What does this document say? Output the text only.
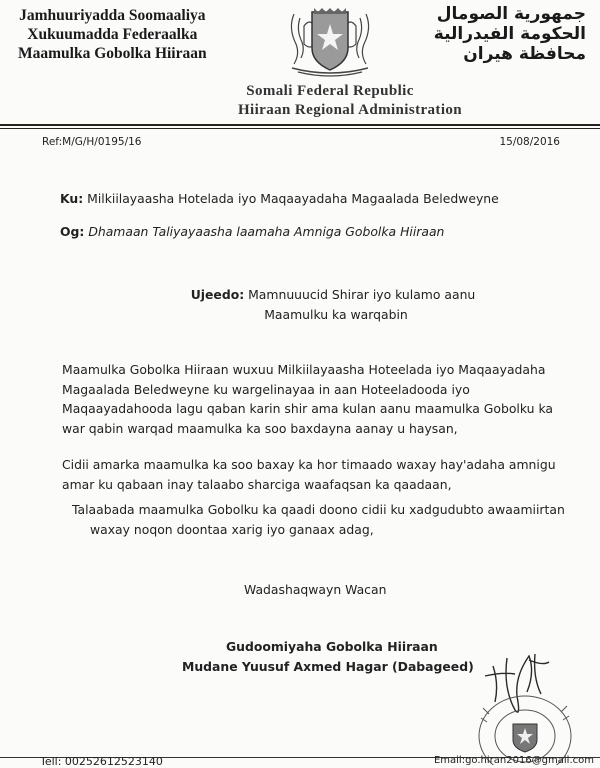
Jamhuuriyadda Soomaaliya
Xukuumadda Federaalka
Maamulka Gobolka Hiiraan
جمهورية الصومال
الحكومة الفيدرالية
محافظة هيران
Somali Federal Republic
Hiiraan Regional Administration
Ref:M/G/H/0195/16	15/08/2016
Ku: Milkiilayaasha Hotelada iyo Maqaayadaha Magaalada Beledweyne
Og: Dhamaan Taliyayaasha laamaha Amniga Gobolka Hiiraan
Ujeedo: Mamnuuucid Shirar iyo kulamo aanu
Maamulku ka warqabin
Maamulka Gobolka Hiiraan wuxuu Milkiilayaasha Hoteelada iyo Maqaayadaha
Magaalada Beledweyne ku wargelinayaa in aan Hoteeladooda iyo
Maqaayadahooda lagu qaban karin shir ama kulan aanu maamulka Gobolku ka
war qabin warqad maamulka ka soo baxdayna aanay u haysan,
Cidii amarka maamulka ka soo baxay ka hor timaado waxay hay'adaha amnigu
amar ku qabaan inay talaabo sharciga waafaqsan ka qaadaan,
Talaabada maamulka Gobolku ka qaadi doono cidii ku xadgudubto awaamiirtan
waxay noqon doontaa xarig iyo ganaax adag,
Wadashaqwayn Wacan
Gudoomiyaha Gobolka Hiiraan
Mudane Yuusuf Axmed Hagar (Dabageed)
Tell: 00252612523140	Email:go.hiran2016@gmail.com
